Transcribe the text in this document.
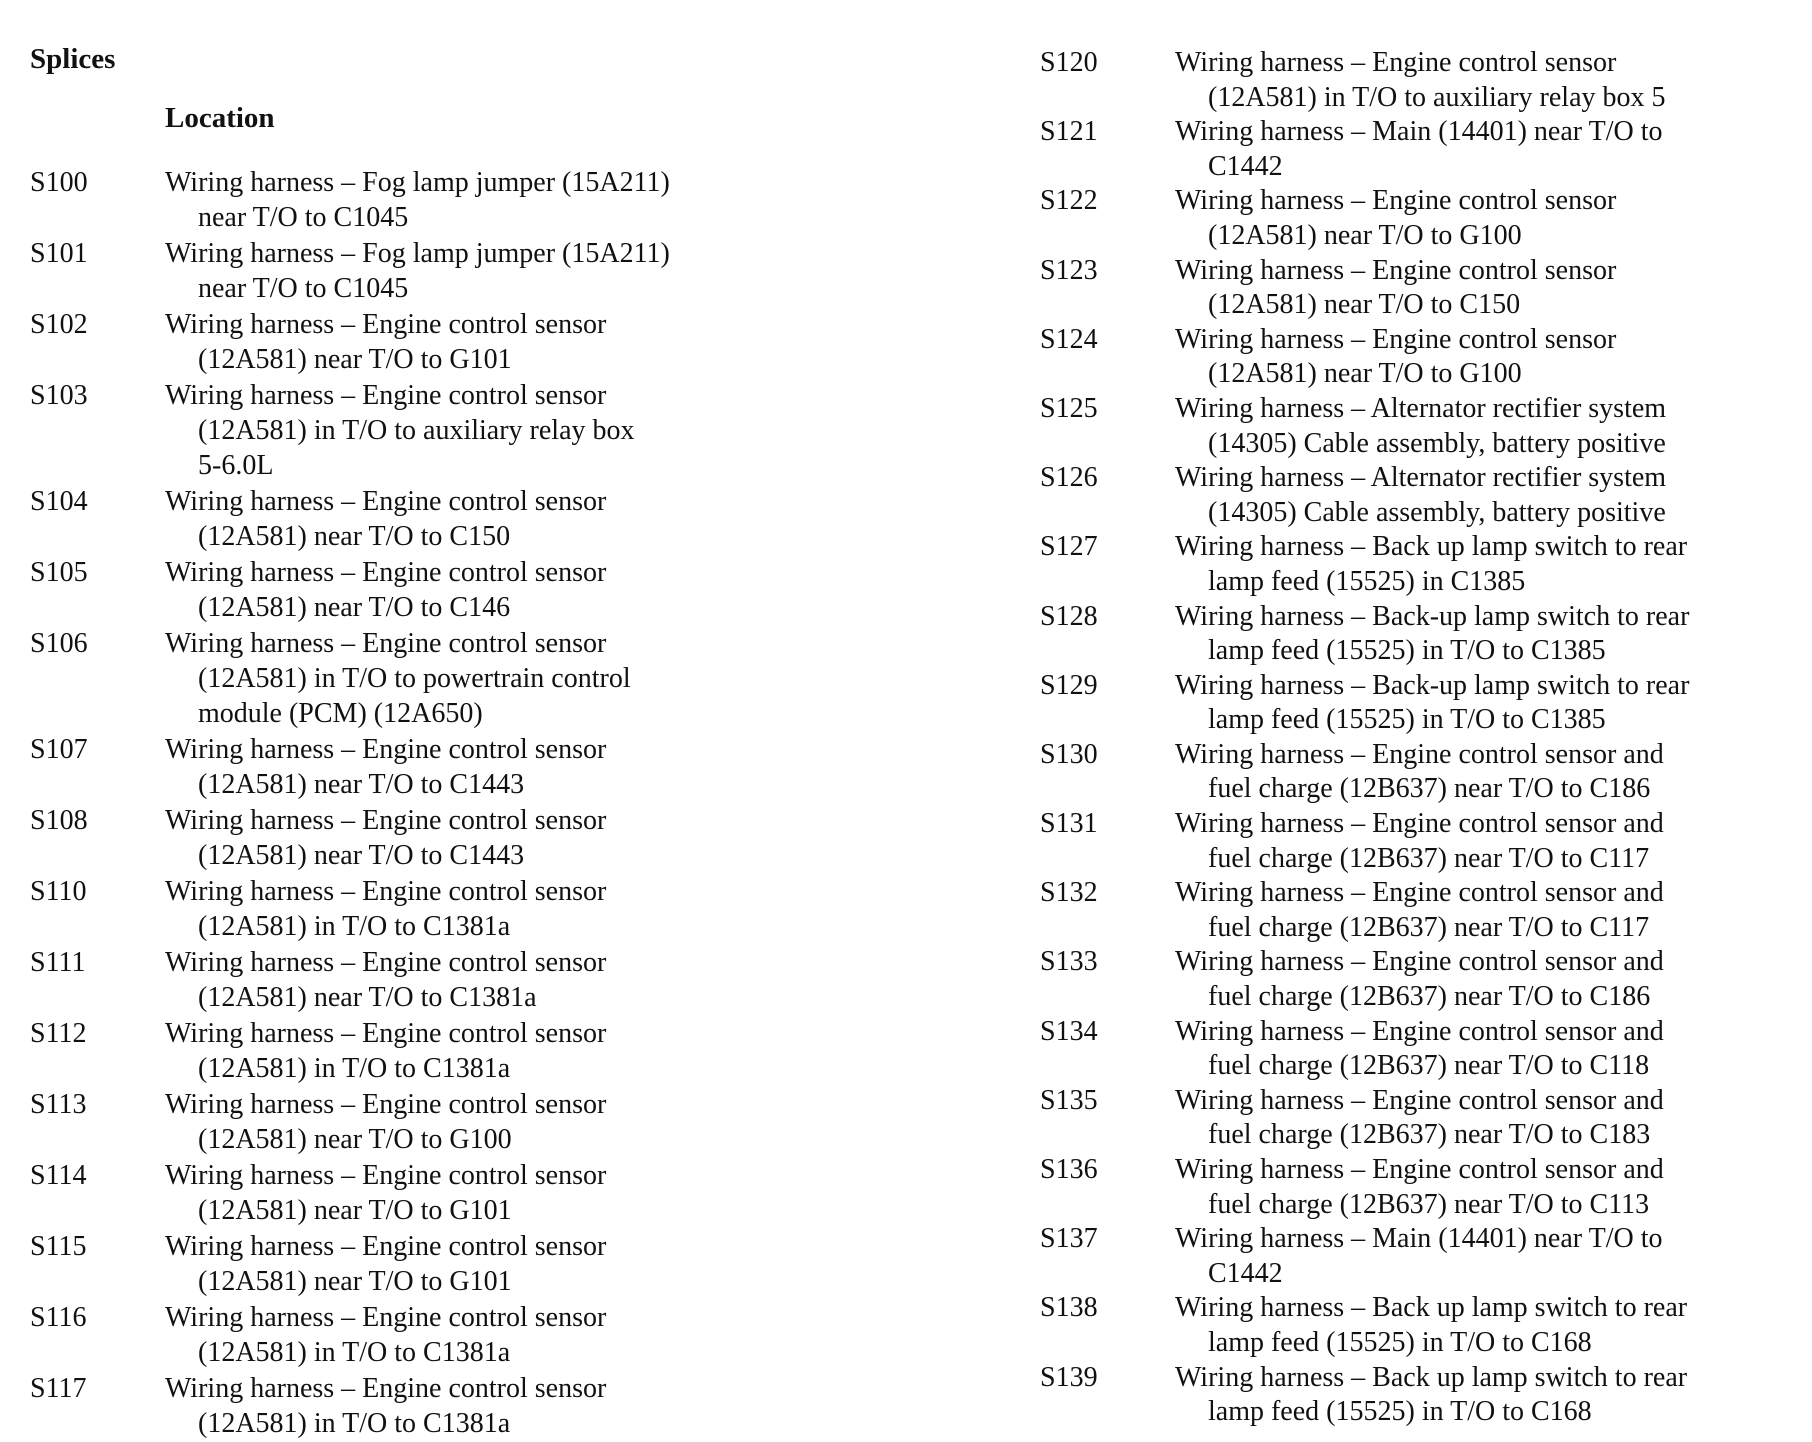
Splices
Location
S100	Wiring harness – Fog lamp jumper (15A211)
near T/O to C1045
S101	Wiring harness – Fog lamp jumper (15A211)
near T/O to C1045
S102	Wiring harness – Engine control sensor
(12A581) near T/O to G101
S103	Wiring harness – Engine control sensor
(12A581) in T/O to auxiliary relay box
5-6.0L
S104	Wiring harness – Engine control sensor
(12A581) near T/O to C150
S105	Wiring harness – Engine control sensor
(12A581) near T/O to C146
S106	Wiring harness – Engine control sensor
(12A581) in T/O to powertrain control
module (PCM) (12A650)
S107	Wiring harness – Engine control sensor
(12A581) near T/O to C1443
S108	Wiring harness – Engine control sensor
(12A581) near T/O to C1443
S110	Wiring harness – Engine control sensor
(12A581) in T/O to C1381a
S111	Wiring harness – Engine control sensor
(12A581) near T/O to C1381a
S112	Wiring harness – Engine control sensor
(12A581) in T/O to C1381a
S113	Wiring harness – Engine control sensor
(12A581) near T/O to G100
S114	Wiring harness – Engine control sensor
(12A581) near T/O to G101
S115	Wiring harness – Engine control sensor
(12A581) near T/O to G101
S116	Wiring harness – Engine control sensor
(12A581) in T/O to C1381a
S117	Wiring harness – Engine control sensor
(12A581) in T/O to C1381a
S120	Wiring harness – Engine control sensor
(12A581) in T/O to auxiliary relay box 5
S121	Wiring harness – Main (14401) near T/O to
C1442
S122	Wiring harness – Engine control sensor
(12A581) near T/O to G100
S123	Wiring harness – Engine control sensor
(12A581) near T/O to C150
S124	Wiring harness – Engine control sensor
(12A581) near T/O to G100
S125	Wiring harness – Alternator rectifier system
(14305) Cable assembly, battery positive
S126	Wiring harness – Alternator rectifier system
(14305) Cable assembly, battery positive
S127	Wiring harness – Back up lamp switch to rear
lamp feed (15525) in C1385
S128	Wiring harness – Back-up lamp switch to rear
lamp feed (15525) in T/O to C1385
S129	Wiring harness – Back-up lamp switch to rear
lamp feed (15525) in T/O to C1385
S130	Wiring harness – Engine control sensor and
fuel charge (12B637) near T/O to C186
S131	Wiring harness – Engine control sensor and
fuel charge (12B637) near T/O to C117
S132	Wiring harness – Engine control sensor and
fuel charge (12B637) near T/O to C117
S133	Wiring harness – Engine control sensor and
fuel charge (12B637) near T/O to C186
S134	Wiring harness – Engine control sensor and
fuel charge (12B637) near T/O to C118
S135	Wiring harness – Engine control sensor and
fuel charge (12B637) near T/O to C183
S136	Wiring harness – Engine control sensor and
fuel charge (12B637) near T/O to C113
S137	Wiring harness – Main (14401) near T/O to
C1442
S138	Wiring harness – Back up lamp switch to rear
lamp feed (15525) in T/O to C168
S139	Wiring harness – Back up lamp switch to rear
lamp feed (15525) in T/O to C168
